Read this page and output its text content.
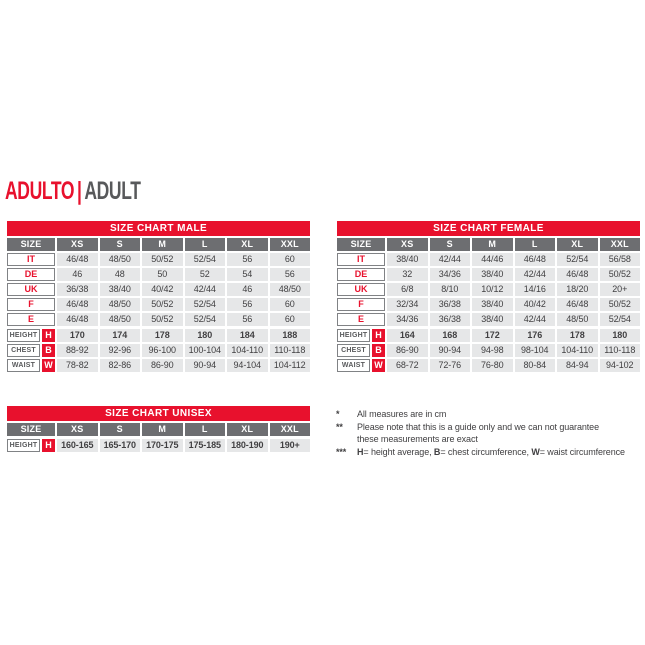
ADULTO | ADULT
SIZE CHART MALE
SIZE	XS	S	M	L	XL	XXL
IT	46/48	48/50	50/52	52/54	56	60
DE	46	48	50	52	54	56
UK	36/38	38/40	40/42	42/44	46	48/50
F	46/48	48/50	50/52	52/54	56	60
E	46/48	48/50	50/52	52/54	56	60
HEIGHT H	170	174	178	180	184	188
CHEST	B	88-92	92-96	96-100	100-104	104-110	110-118
WAIST	W	78-82	82-86	86-90	90-94	94-104	104-112
SIZE CHART FEMALE
SIZE	XS	S	M	L	XL	XXL
IT	38/40	42/44	44/46	46/48	52/54	56/58
DE	32	34/36	38/40	42/44	46/48	50/52
UK	6/8	8/10	10/12	14/16	18/20	20+
F	32/34	36/38	38/40	40/42	46/48	50/52
E	34/36	36/38	38/40	42/44	48/50	52/54
HEIGHT H	164	168	172	176	178	180
CHEST	B	86-90	90-94	94-98	98-104	104-110	110-118
WAIST	W	68-72	72-76	76-80	80-84	84-94	94-102
SIZE CHART UNISEX
SIZE	XS	S	M	L	XL	XXL
HEIGHT H	160-165	165-170	170-175	175-185	180-190	190+
*	All measures are in cm
**	Please note that this is a guide only and we can not guarantee
these measurements are exact
***	H= height average, B= chest circumference, W= waist circumference
